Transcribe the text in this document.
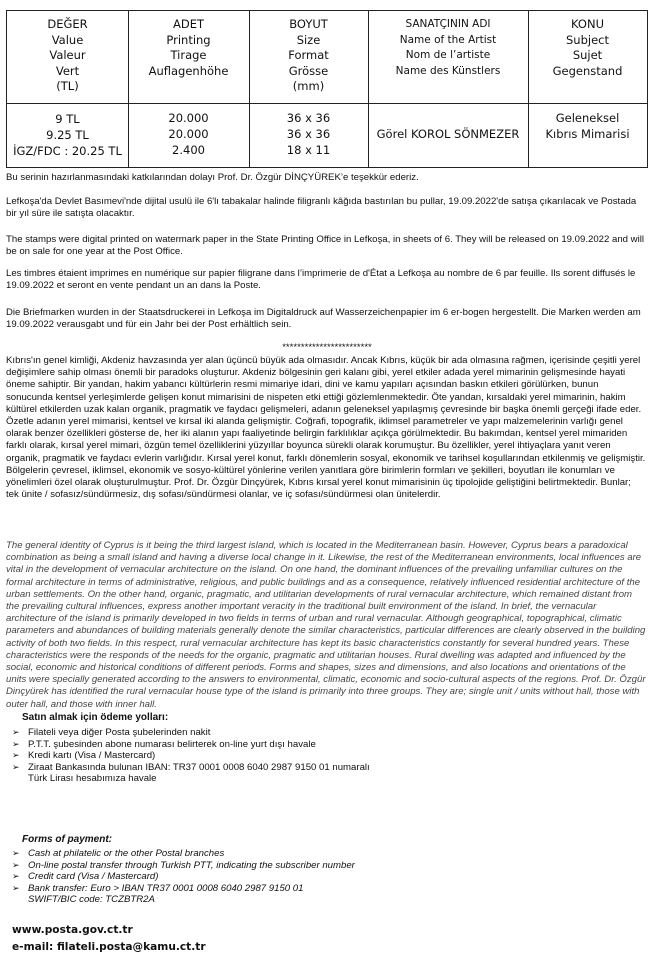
DEĞER
Value
Valeur
Vert
(TL)
ADET
Printing
Tirage
Auflagenhöhe
BOYUT
Size
Format
Grösse
(mm)
SANATÇININ ADI
Name of the Artist
Nom de l’artiste
Name des Künstlers
KONU
Subject
Sujet
Gegenstand
9 TL
9.25 TL
İGZ/FDC : 20.25 TL
20.000
20.000
2.400
36 x 36
36 x 36
18 x 11
Görel KOROL SÖNMEZER
Geleneksel
Kıbrıs Mimarisi

Bu serinin hazırlanmasındaki katkılarından dolayı Prof. Dr. Özgür DİNÇYÜREK’e teşekkür ederiz.

Lefkoşa'da Devlet Basımevi'nde dijital usulü ile 6'lı tabakalar halinde filigranlı kâğıda bastırılan bu pullar, 19.09.2022'de satışa çıkarılacak ve Postada bir yıl süre ile satışta olacaktır.

The stamps were digital printed on watermark paper in the State Printing Office in Lefkoşa, in sheets of 6. They will be released on 19.09.2022 and will be on sale for one year at the Post Office.

Les timbres étaient imprimes en numérique sur papier filigrane dans l’imprimerie de d'État a Lefkoşa au nombre de 6 par feuille. Ils sorent diffusés le 19.09.2022 et seront en vente pendant un an dans la Poste.

Die Briefmarken wurden in der Staatsdruckerei in Lefkoşa im Digitaldruck auf Wasserzeichenpapier im 6 er-bogen hergestellt. Die Marken werden am 19.09.2022 verausgabt und für ein Jahr bei der Post erhältlich sein.

************************

Kıbrıs'ın genel kimliği, Akdeniz havzasında yer alan üçüncü büyük ada olmasıdır. Ancak Kıbrıs, küçük bir ada olmasına rağmen, içerisinde çeşitli yerel değişimlere sahip olması önemli bir paradoks oluşturur. Akdeniz bölgesinin geri kalanı gibi, yerel etkiler adada yerel mimarinin gelişmesinde hayati öneme sahiptir. Bir yandan, hakim yabancı kültürlerin resmi mimariye idari, dini ve kamu yapıları açısından baskın etkileri görülürken, bunun sonucunda kentsel yerleşimlerde gelişen konut mimarisini de nispeten etki ettiği gözlemlenmektedir. Öte yandan, kırsaldaki yerel mimarinin, hakim kültürel etkilerden uzak kalan organik, pragmatik ve faydacı gelişmeleri, adanın geleneksel yapılaşmış çevresinde bir başka önemli gerçeği ifade eder. Özetle adanın yerel mimarisi, kentsel ve kırsal iki alanda gelişmiştir. Coğrafi, topografik, iklimsel parametreler ve yapı malzemelerinin varlığı genel olarak benzer özellikleri gösterse de, her iki alanın yapı faaliyetinde belirgin farklılıklar açıkça görülmektedir. Bu bakımdan, kentsel yerel mimariden farklı olarak, kırsal yerel mimari, özgün temel özelliklerini yüzyıllar boyunca sürekli olarak korumuştur. Bu özellikler, yerel ihtiyaçlara yanıt veren organik, pragmatik ve faydacı evlerin varlığıdır. Kırsal yerel konut, farklı dönemlerin sosyal, ekonomik ve tarihsel koşullarından etkilenmiş ve gelişmiştir. Bölgelerin çevresel, iklimsel, ekonomik ve sosyo-kültürel yönlerine verilen yanıtlara göre birimlerin formları ve şekilleri, boyutları ile konumları ve yönelimleri özel olarak oluşturulmuştur. Prof. Dr. Özgür Dinçyürek, Kıbrıs kırsal yerel konut mimarisinin üç tipolojide geliştiğini belirtmektedir. Bunlar; tek ünite / sofasız/sündürmesiz, dış sofası/sündürmesi olanlar, ve iç sofası/sündürmesi olan ünitelerdir.

The general identity of Cyprus is it being the third largest island, which is located in the Mediterranean basin. However, Cyprus bears a paradoxical combination as being a small island and having a diverse local change in it. Likewise, the rest of the Mediterranean environments, local influences are vital in the development of vernacular architecture on the island. On one hand, the dominant influences of the prevailing unfamiliar cultures on the formal architecture in terms of administrative, religious, and public buildings and as a consequence, relatively influenced residential architecture of the urban settlements. On the other hand, organic, pragmatic, and utilitarian developments of rural vernacular architecture, which remained distant from the prevailing cultural influences, express another important veracity in the traditional built environment of the island. In brief, the vernacular architecture of the island is primarily developed in two fields in terms of urban and rural vernacular. Although geographical, topographical, climatic parameters and abundances of building materials generally denote the similar characteristics, particular differences are clearly observed in the building activity of both two fields. In this respect, rural vernacular architecture has kept its basic characteristics constantly for several hundred years. These characteristics were the responds of the needs for the organic, pragmatic and utilitarian houses. Rural dwelling was adapted and influenced by the social, economic and historical conditions of different periods. Forms and shapes, sizes and dimensions, and also locations and orientations of the units were specially generated according to the answers to environmental, climatic, economic and socio-cultural aspects of the regions. Prof. Dr. Özgür Dinçyürek has identified the rural vernacular house type of the island is primarily into three groups. They are; single unit / units without hall, those with outer hall, and those with inner hall.

Satın almak için ödeme yolları:
➢ Filateli veya diğer Posta şubelerinden nakit
➢ P.T.T. şubesinden abone numarası belirterek on-line yurt dışı havale
➢ Kredi kartı (Visa / Mastercard)
➢ Ziraat Bankasında bulunan IBAN: TR37 0001 0008 6040 2987 9150 01 numaralı
Türk Lirası hesabımıza havale
Forms of payment:
➢ Cash at philatelic or the other Postal branches
➢ On-line postal transfer through Turkish PTT, indicating the subscriber number
➢ Credit card (Visa / Mastercard)
➢ Bank transfer: Euro > IBAN TR37 0001 0008 6040 2987 9150 01
SWIFT/BIC code: TCZBTR2A
www.posta.gov.ct.tr
e-mail: filateli.posta@kamu.ct.tr
